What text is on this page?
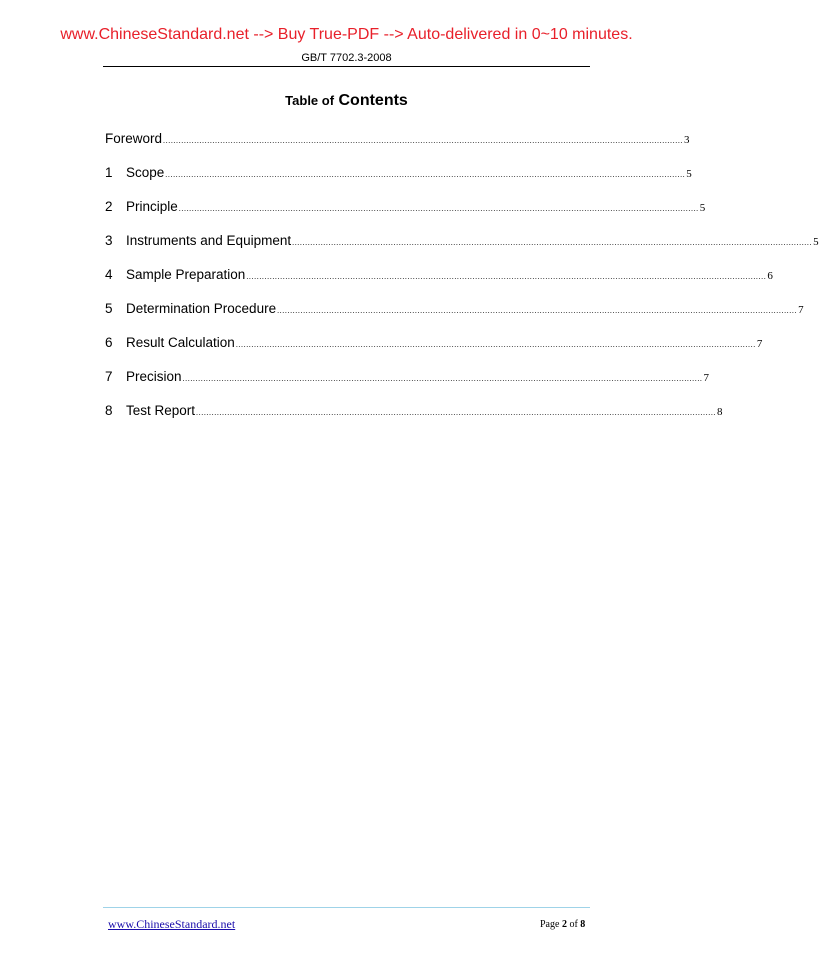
www.ChineseStandard.net --> Buy True-PDF --> Auto-delivered in 0~10 minutes.
GB/T 7702.3-2008
Table of Contents
Foreword ........................................................................................................................................................................................................ 3
1 Scope ........................................................................................................................................................................................................ 5
2 Principle ........................................................................................................................................................................................................ 5
3 Instruments and Equipment ........................................................................................................................................................................................................ 5
4 Sample Preparation ........................................................................................................................................................................................................ 6
5 Determination Procedure ........................................................................................................................................................................................................ 7
6 Result Calculation ........................................................................................................................................................................................................ 7
7 Precision ........................................................................................................................................................................................................ 7
8 Test Report ........................................................................................................................................................................................................ 8
www.ChineseStandard.net	Page 2 of 8
